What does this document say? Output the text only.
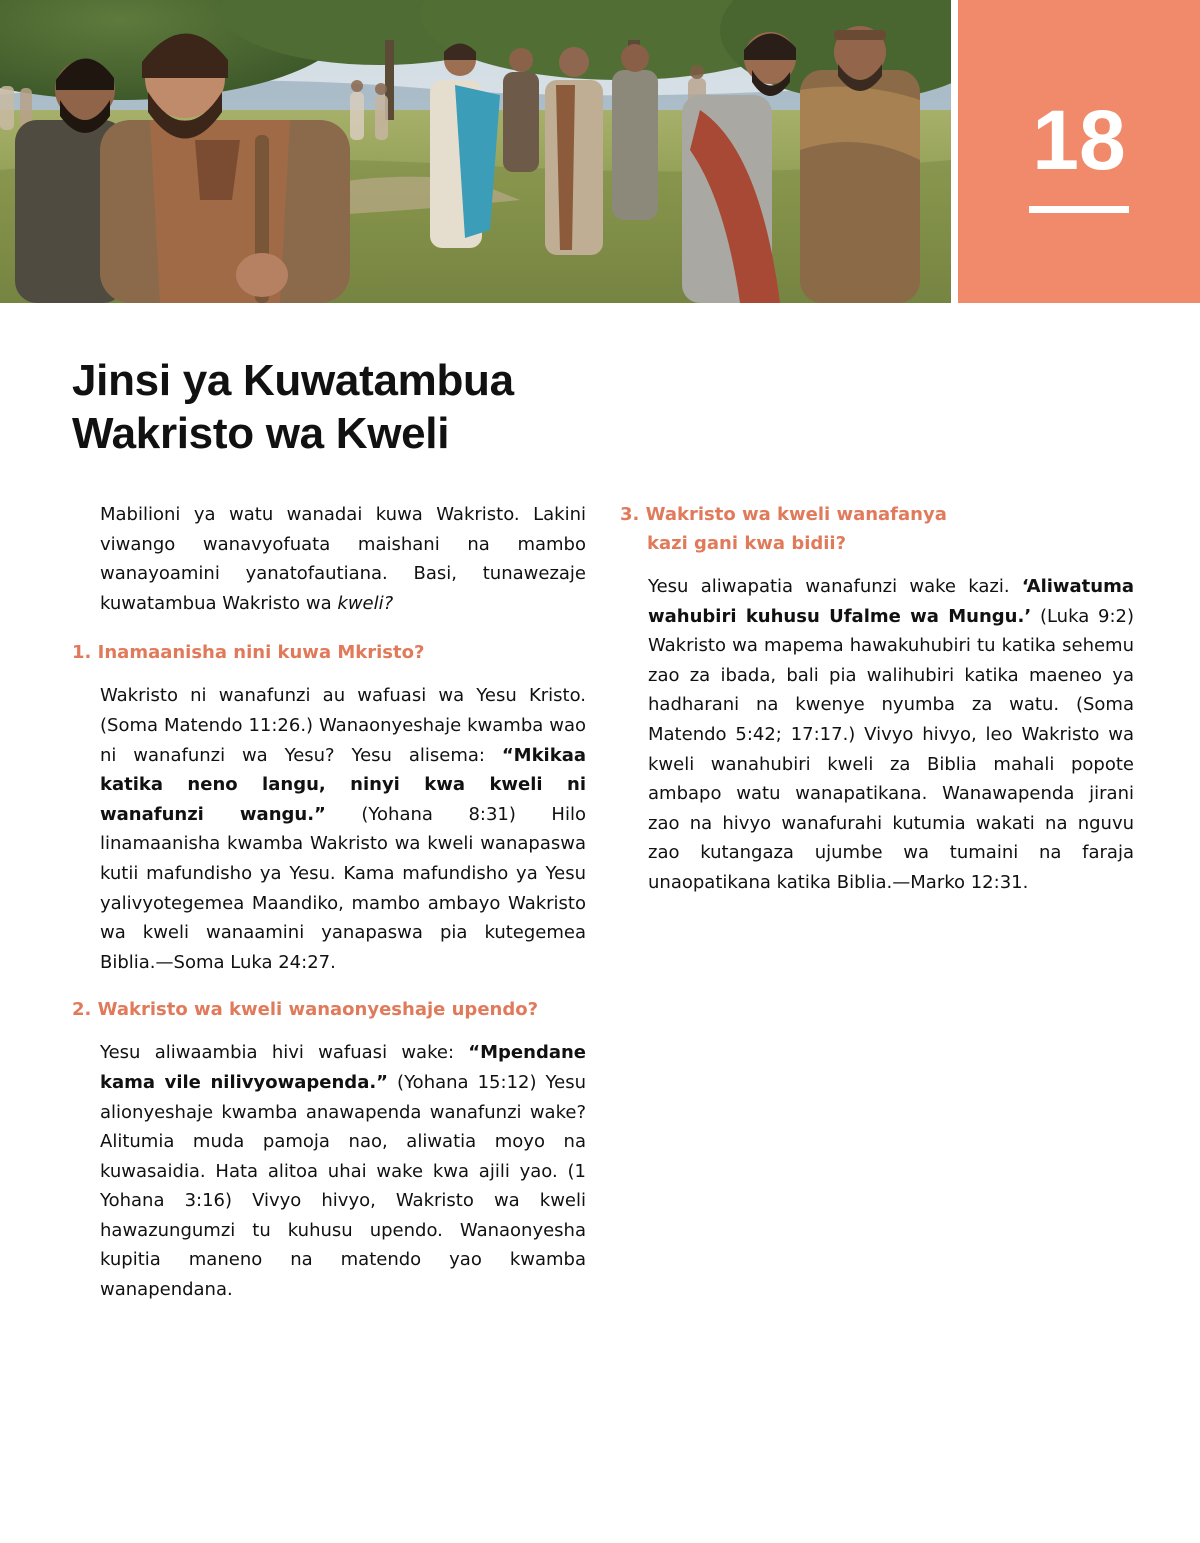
18
Jinsi ya Kuwatambua
Wakristo wa Kweli

Mabilioni ya watu wanadai kuwa Wakristo. Lakini viwango wanavyofuata maishani na mambo wanayoamini yanatofautiana. Basi, tunawezaje kuwatambua Wakristo wa kweli?

1. Inamaanisha nini kuwa Mkristo?

Wakristo ni wanafunzi au wafuasi wa Yesu Kristo. (Soma Matendo 11:26.) Wanaonyeshaje kwamba wao ni wanafunzi wa Yesu? Yesu alisema: “Mkikaa katika neno langu, ninyi kwa kweli ni wanafunzi wangu.” (Yohana 8:31) Hilo linamaanisha kwamba Wakristo wa kweli wanapaswa kutii mafundisho ya Yesu. Kama mafundisho ya Yesu yalivyotegemea Maandiko, mambo ambayo Wakristo wa kweli wanaamini yanapaswa pia kutegemea Biblia.—Soma Luka 24:27.

2. Wakristo wa kweli wanaonyeshaje upendo?

Yesu aliwaambia hivi wafuasi wake: “Mpendane kama vile nilivyowapenda.” (Yohana 15:12) Yesu alionyeshaje kwamba anawapenda wanafunzi wake? Alitumia muda pamoja nao, aliwatia moyo na kuwasaidia. Hata alitoa uhai wake kwa ajili yao. (1 Yohana 3:16) Vivyo hivyo, Wakristo wa kweli hawazungumzi tu kuhusu upendo. Wanaonyesha kupitia maneno na matendo yao kwamba wanapendana.

3. Wakristo wa kweli wanafanya
kazi gani kwa bidii?

Yesu aliwapatia wanafunzi wake kazi. ‘Aliwatuma wahubiri kuhusu Ufalme wa Mungu.’ (Luka 9:2) Wakristo wa mapema hawakuhubiri tu katika sehemu zao za ibada, bali pia walihubiri katika maeneo ya hadharani na kwenye nyumba za watu. (Soma Matendo 5:42; 17:17.) Vivyo hivyo, leo Wakristo wa kweli wanahubiri kweli za Biblia mahali popote ambapo watu wanapatikana. Wanawapenda jirani zao na hivyo wanafurahi kutumia wakati na nguvu zao kutangaza ujumbe wa tumaini na faraja unaopatikana katika Biblia.—Marko 12:31.
